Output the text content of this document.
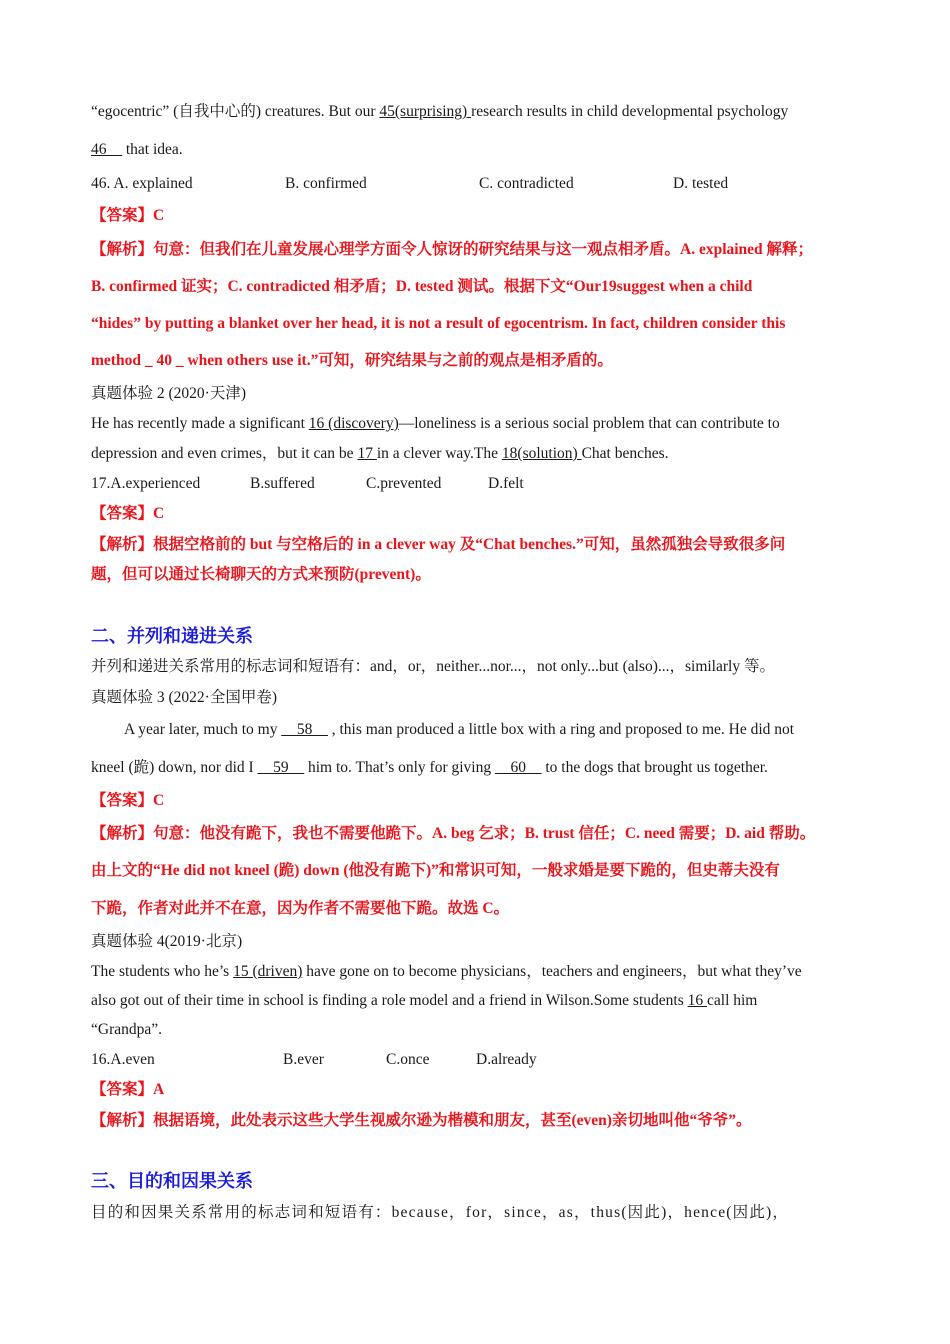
“egocentric” (自我中心的) creatures. But our 45(surprising) research results in child developmental psychology
46__ that idea.
46. A. explained	B. confirmed	C. contradicted	D. tested
【答案】C
【解析】句意：但我们在儿童发展心理学方面令人惊讶的研究结果与这一观点相矛盾。A. explained 解释；
B. confirmed 证实；C. contradicted 相矛盾；D. tested 测试。根据下文“Our19suggest when a child
“hides” by putting a blanket over her head, it is not a result of egocentrism. In fact, children consider this
method _ 40 _ when others use it.”可知，研究结果与之前的观点是相矛盾的。
真题体验 2 (2020·天津)
He has recently made a significant 16 (discovery)—loneliness is a serious social problem that can contribute to
depression and even crimes，but it can be 17 in a clever way.The 18(solution) Chat benches.
17.A.experienced	B.suffered	C.prevented	D.felt
【答案】C
【解析】根据空格前的 but 与空格后的 in a clever way 及“Chat benches.”可知，虽然孤独会导致很多问
题，但可以通过长椅聊天的方式来预防(prevent)。
二、并列和递进关系
并列和递进关系常用的标志词和短语有：and，or，neither...nor...，not only...but (also)...，similarly 等。
真题体验 3 (2022·全国甲卷)
A year later, much to my __58__ , this man produced a little box with a ring and proposed to me. He did not
kneel (跪) down, nor did I __59__ him to. That’s only for giving __60__ to the dogs that brought us together.
【答案】C
【解析】句意：他没有跪下，我也不需要他跪下。A. beg 乞求；B. trust 信任；C. need 需要；D. aid 帮助。
由上文的“He did not kneel (跪) down (他没有跪下)”和常识可知，一般求婚是要下跪的，但史蒂夫没有
下跪，作者对此并不在意，因为作者不需要他下跪。故选 C。
真题体验 4(2019·北京)
The students who he’s 15 (driven) have gone on to become physicians，teachers and engineers，but what they’ve
also got out of their time in school is finding a role model and a friend in Wilson.Some students 16 call him
“Grandpa”.
16.A.even	B.ever	C.once	D.already
【答案】A
【解析】根据语境，此处表示这些大学生视威尔逊为楷模和朋友，甚至(even)亲切地叫他“爷爷”。
三、目的和因果关系
目的和因果关系常用的标志词和短语有：because，for，since，as，thus(因此)，hence(因此)，
